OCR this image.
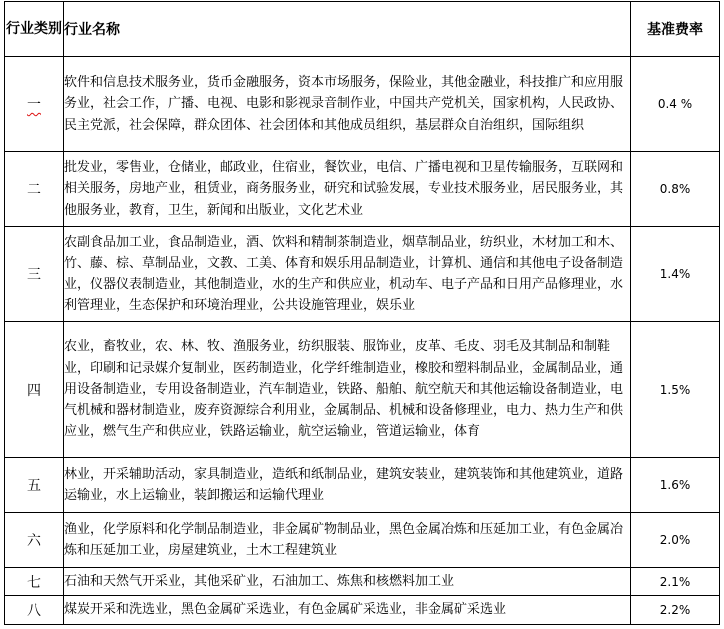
行业类别	行业名称	基准费率
一	软件和信息技术服务业，货币金融服务，资本市场服务，保险业，其他金融业，科技推广和应用服务业，社会工作，广播、电视、电影和影视录音制作业，中国共产党机关，国家机构，人民政协、民主党派，社会保障，群众团体、社会团体和其他成员组织，基层群众自治组织，国际组织	0.4 %
二	批发业，零售业，仓储业，邮政业，住宿业，餐饮业，电信、广播电视和卫星传输服务，互联网和相关服务，房地产业，租赁业，商务服务业，研究和试验发展，专业技术服务业，居民服务业，其他服务业，教育，卫生，新闻和出版业，文化艺术业	0.8%
三	农副食品加工业，食品制造业，酒、饮料和精制茶制造业，烟草制品业，纺织业，木材加工和木、竹、藤、棕、草制品业，文教、工美、体育和娱乐用品制造业，计算机、通信和其他电子设备制造业，仪器仪表制造业，其他制造业，水的生产和供应业，机动车、电子产品和日用产品修理业，水利管理业，生态保护和环境治理业，公共设施管理业，娱乐业	1.4%
四	农业，畜牧业，农、林、牧、渔服务业，纺织服装、服饰业，皮革、毛皮、羽毛及其制品和制鞋业，印刷和记录媒介复制业，医药制造业，化学纤维制造业，橡胶和塑料制品业，金属制品业，通用设备制造业，专用设备制造业，汽车制造业，铁路、船舶、航空航天和其他运输设备制造业，电气机械和器材制造业，废弃资源综合利用业，金属制品、机械和设备修理业，电力、热力生产和供应业，燃气生产和供应业，铁路运输业，航空运输业，管道运输业，体育	1.5%
五	林业，开采辅助活动，家具制造业，造纸和纸制品业，建筑安装业，建筑装饰和其他建筑业，道路运输业，水上运输业，装卸搬运和运输代理业	1.6%
六	渔业，化学原料和化学制品制造业，非金属矿物制品业，黑色金属冶炼和压延加工业，有色金属冶炼和压延加工业，房屋建筑业，土木工程建筑业	2.0%
七	石油和天然气开采业，其他采矿业，石油加工、炼焦和核燃料加工业	2.1%
八	煤炭开采和洗选业，黑色金属矿采选业，有色金属矿采选业，非金属矿采选业	2.2%
